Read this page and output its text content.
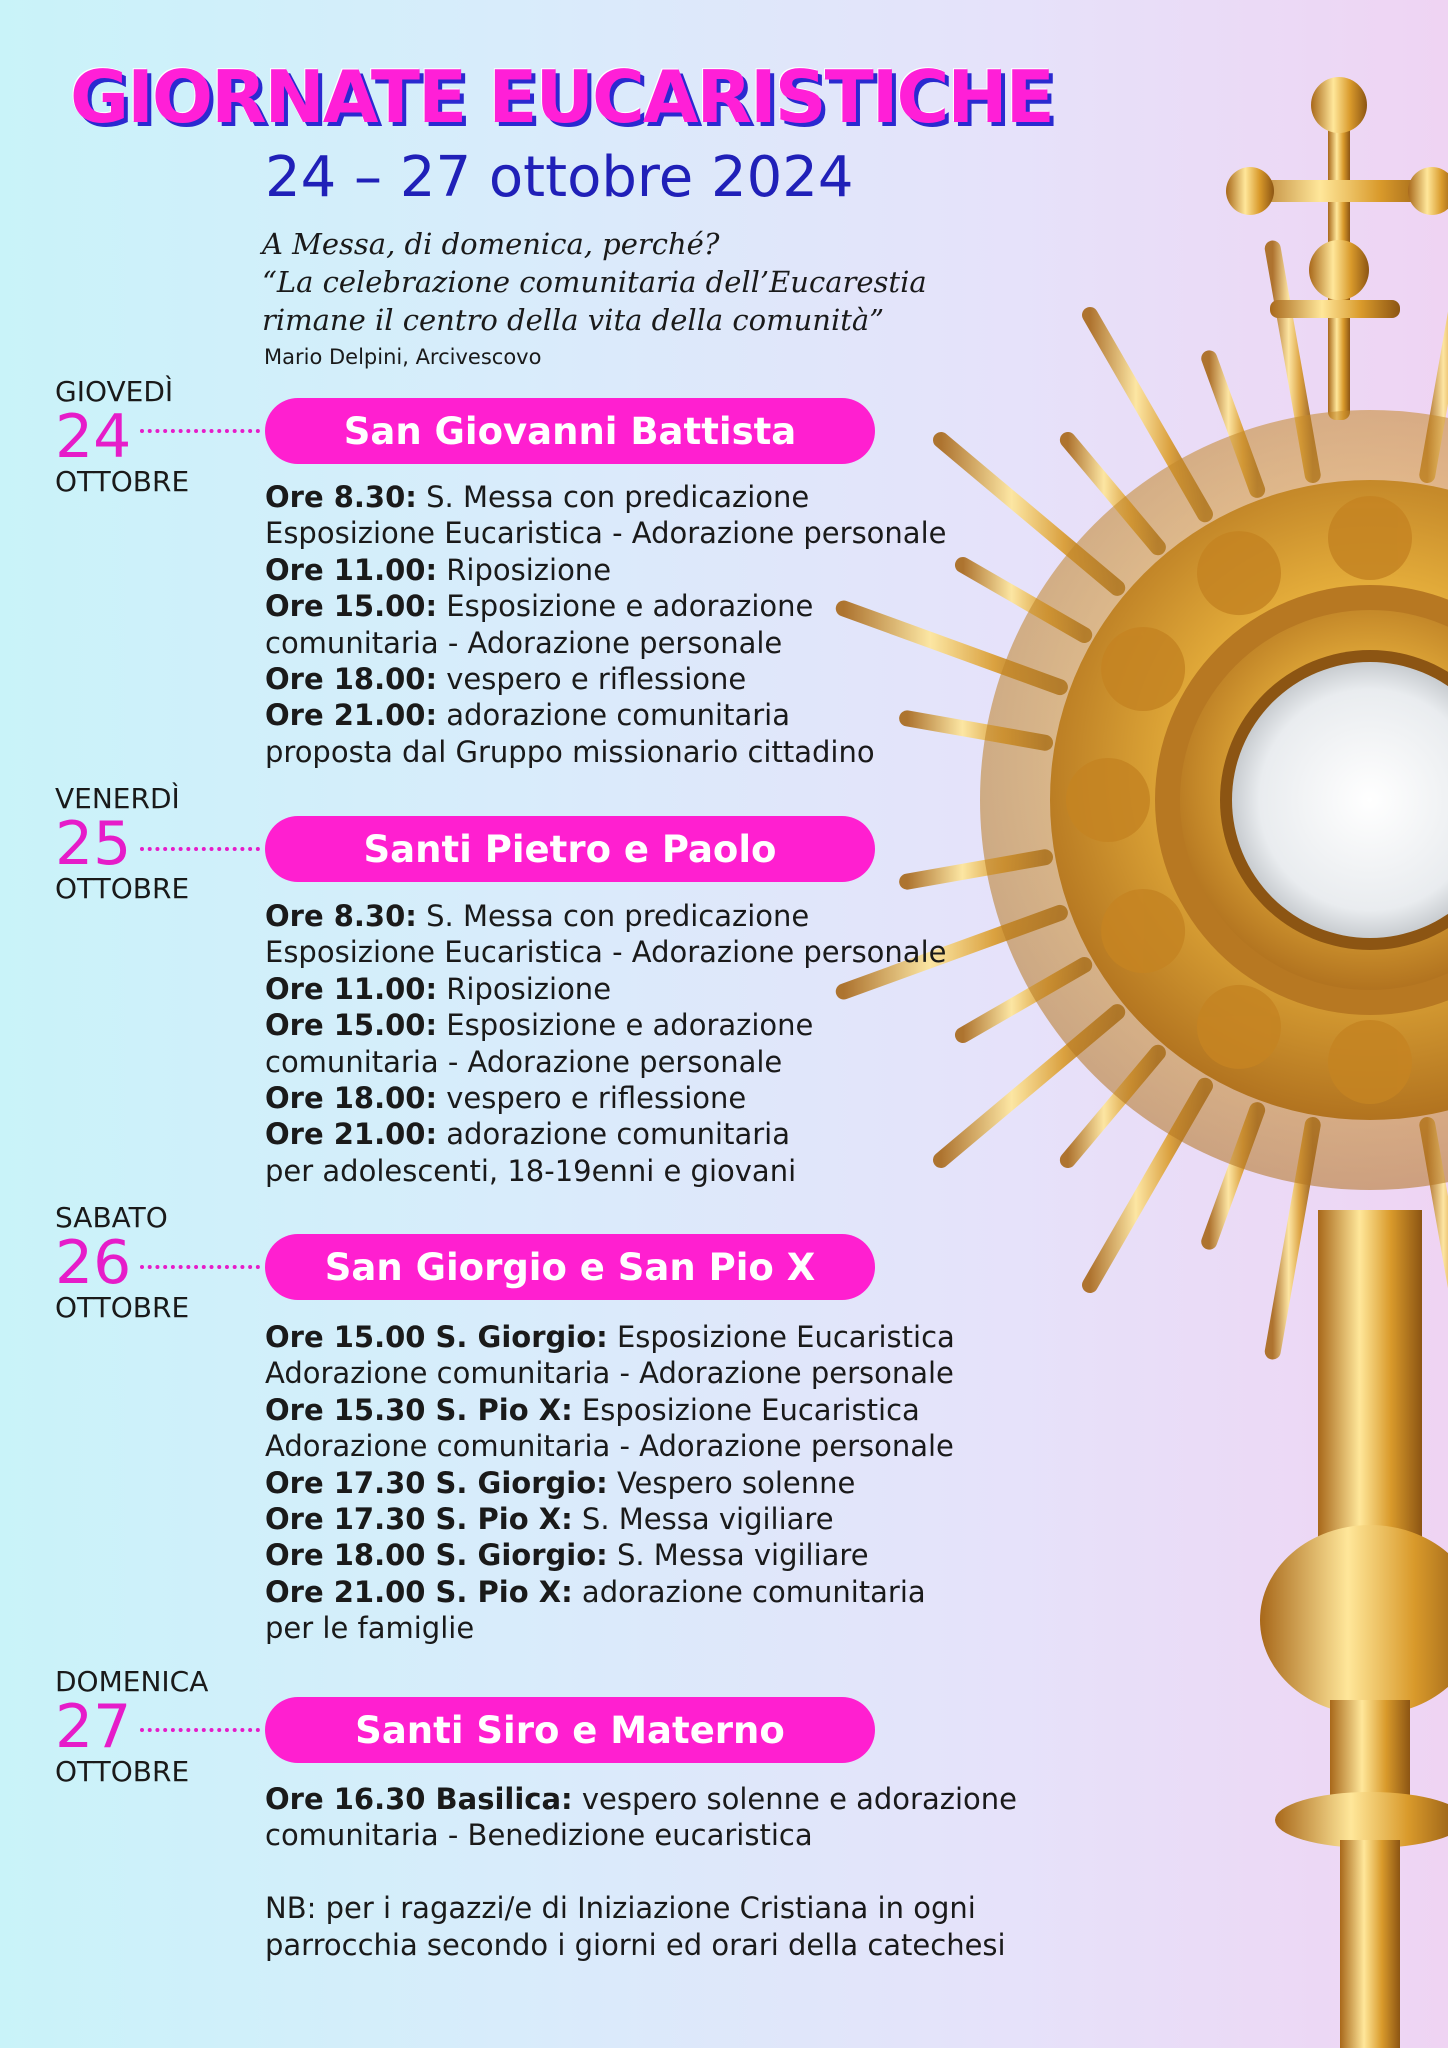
GIORNATE EUCARISTICHE
24 – 27 ottobre 2024
A Messa, di domenica, perché?
“La celebrazione comunitaria dell’Eucarestia
rimane il centro della vita della comunità”
Mario Delpini, Arcivescovo
GIOVEDÌ
24
OTTOBRE
San Giovanni Battista
Ore 8.30: S. Messa con predicazione
Esposizione Eucaristica - Adorazione personale
Ore 11.00: Riposizione
Ore 15.00: Esposizione e adorazione
comunitaria - Adorazione personale
Ore 18.00: vespero e riflessione
Ore 21.00: adorazione comunitaria
proposta dal Gruppo missionario cittadino
VENERDÌ
25
OTTOBRE
Santi Pietro e Paolo
Ore 8.30: S. Messa con predicazione
Esposizione Eucaristica - Adorazione personale
Ore 11.00: Riposizione
Ore 15.00: Esposizione e adorazione
comunitaria - Adorazione personale
Ore 18.00: vespero e riflessione
Ore 21.00: adorazione comunitaria
per adolescenti, 18-19enni e giovani
SABATO
26
OTTOBRE
San Giorgio e San Pio X
Ore 15.00 S. Giorgio: Esposizione Eucaristica
Adorazione comunitaria - Adorazione personale
Ore 15.30 S. Pio X: Esposizione Eucaristica
Adorazione comunitaria - Adorazione personale
Ore 17.30 S. Giorgio: Vespero solenne
Ore 17.30 S. Pio X: S. Messa vigiliare
Ore 18.00 S. Giorgio: S. Messa vigiliare
Ore 21.00 S. Pio X: adorazione comunitaria
per le famiglie
DOMENICA
27
OTTOBRE
Santi Siro e Materno
Ore 16.30 Basilica: vespero solenne e adorazione
comunitaria - Benedizione eucaristica
NB: per i ragazzi/e di Iniziazione Cristiana in ogni
parrocchia secondo i giorni ed orari della catechesi
